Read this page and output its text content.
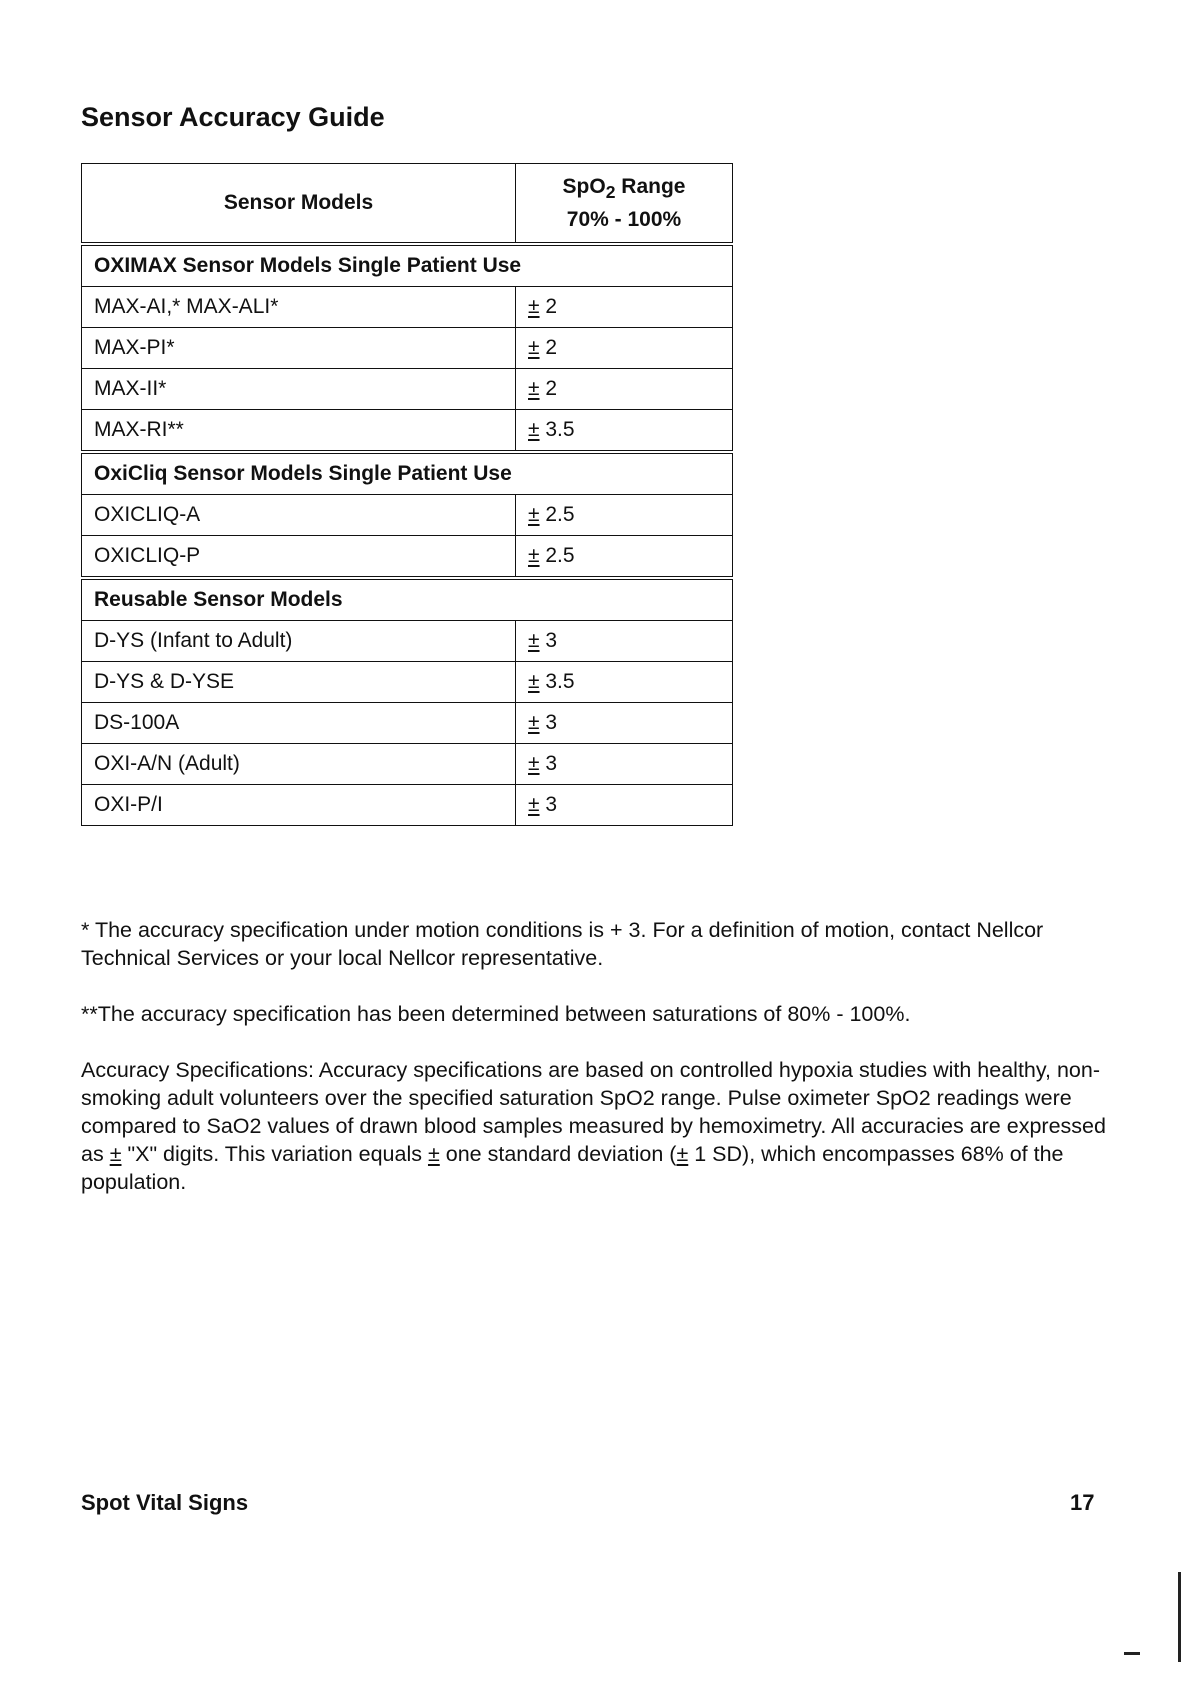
Sensor Accuracy Guide
Sensor Models	SpO$_2$ Range
70% - 100%
OXIMAX Sensor Models Single Patient Use	
MAX-AI,* MAX-ALI*	± 2
MAX-PI*	± 2
MAX-II*	± 2
MAX-RI**	± 3.5
OxiCliq Sensor Models Single Patient Use	
OXICLIQ-A	± 2.5
OXICLIQ-P	± 2.5
Reusable Sensor Models	
D-YS (Infant to Adult)	± 3
D-YS & D-YSE	± 3.5
DS-100A	± 3
OXI-A/N (Adult)	± 3
OXI-P/I	± 3

* The accuracy specification under motion conditions is + 3. For a definition of motion, contact Nellcor Technical Services or your local Nellcor representative.

**The accuracy specification has been determined between saturations of 80% - 100%.

Accuracy Specifications: Accuracy specifications are based on controlled hypoxia studies with healthy, non-smoking adult volunteers over the specified saturation SpO2 range. Pulse oximeter SpO2 readings were compared to SaO2 values of drawn blood samples measured by hemoximetry. All accuracies are expressed as ± "X" digits. This variation equals ± one standard deviation (± 1 SD), which encompasses 68% of the population.

Spot Vital Signs	17
